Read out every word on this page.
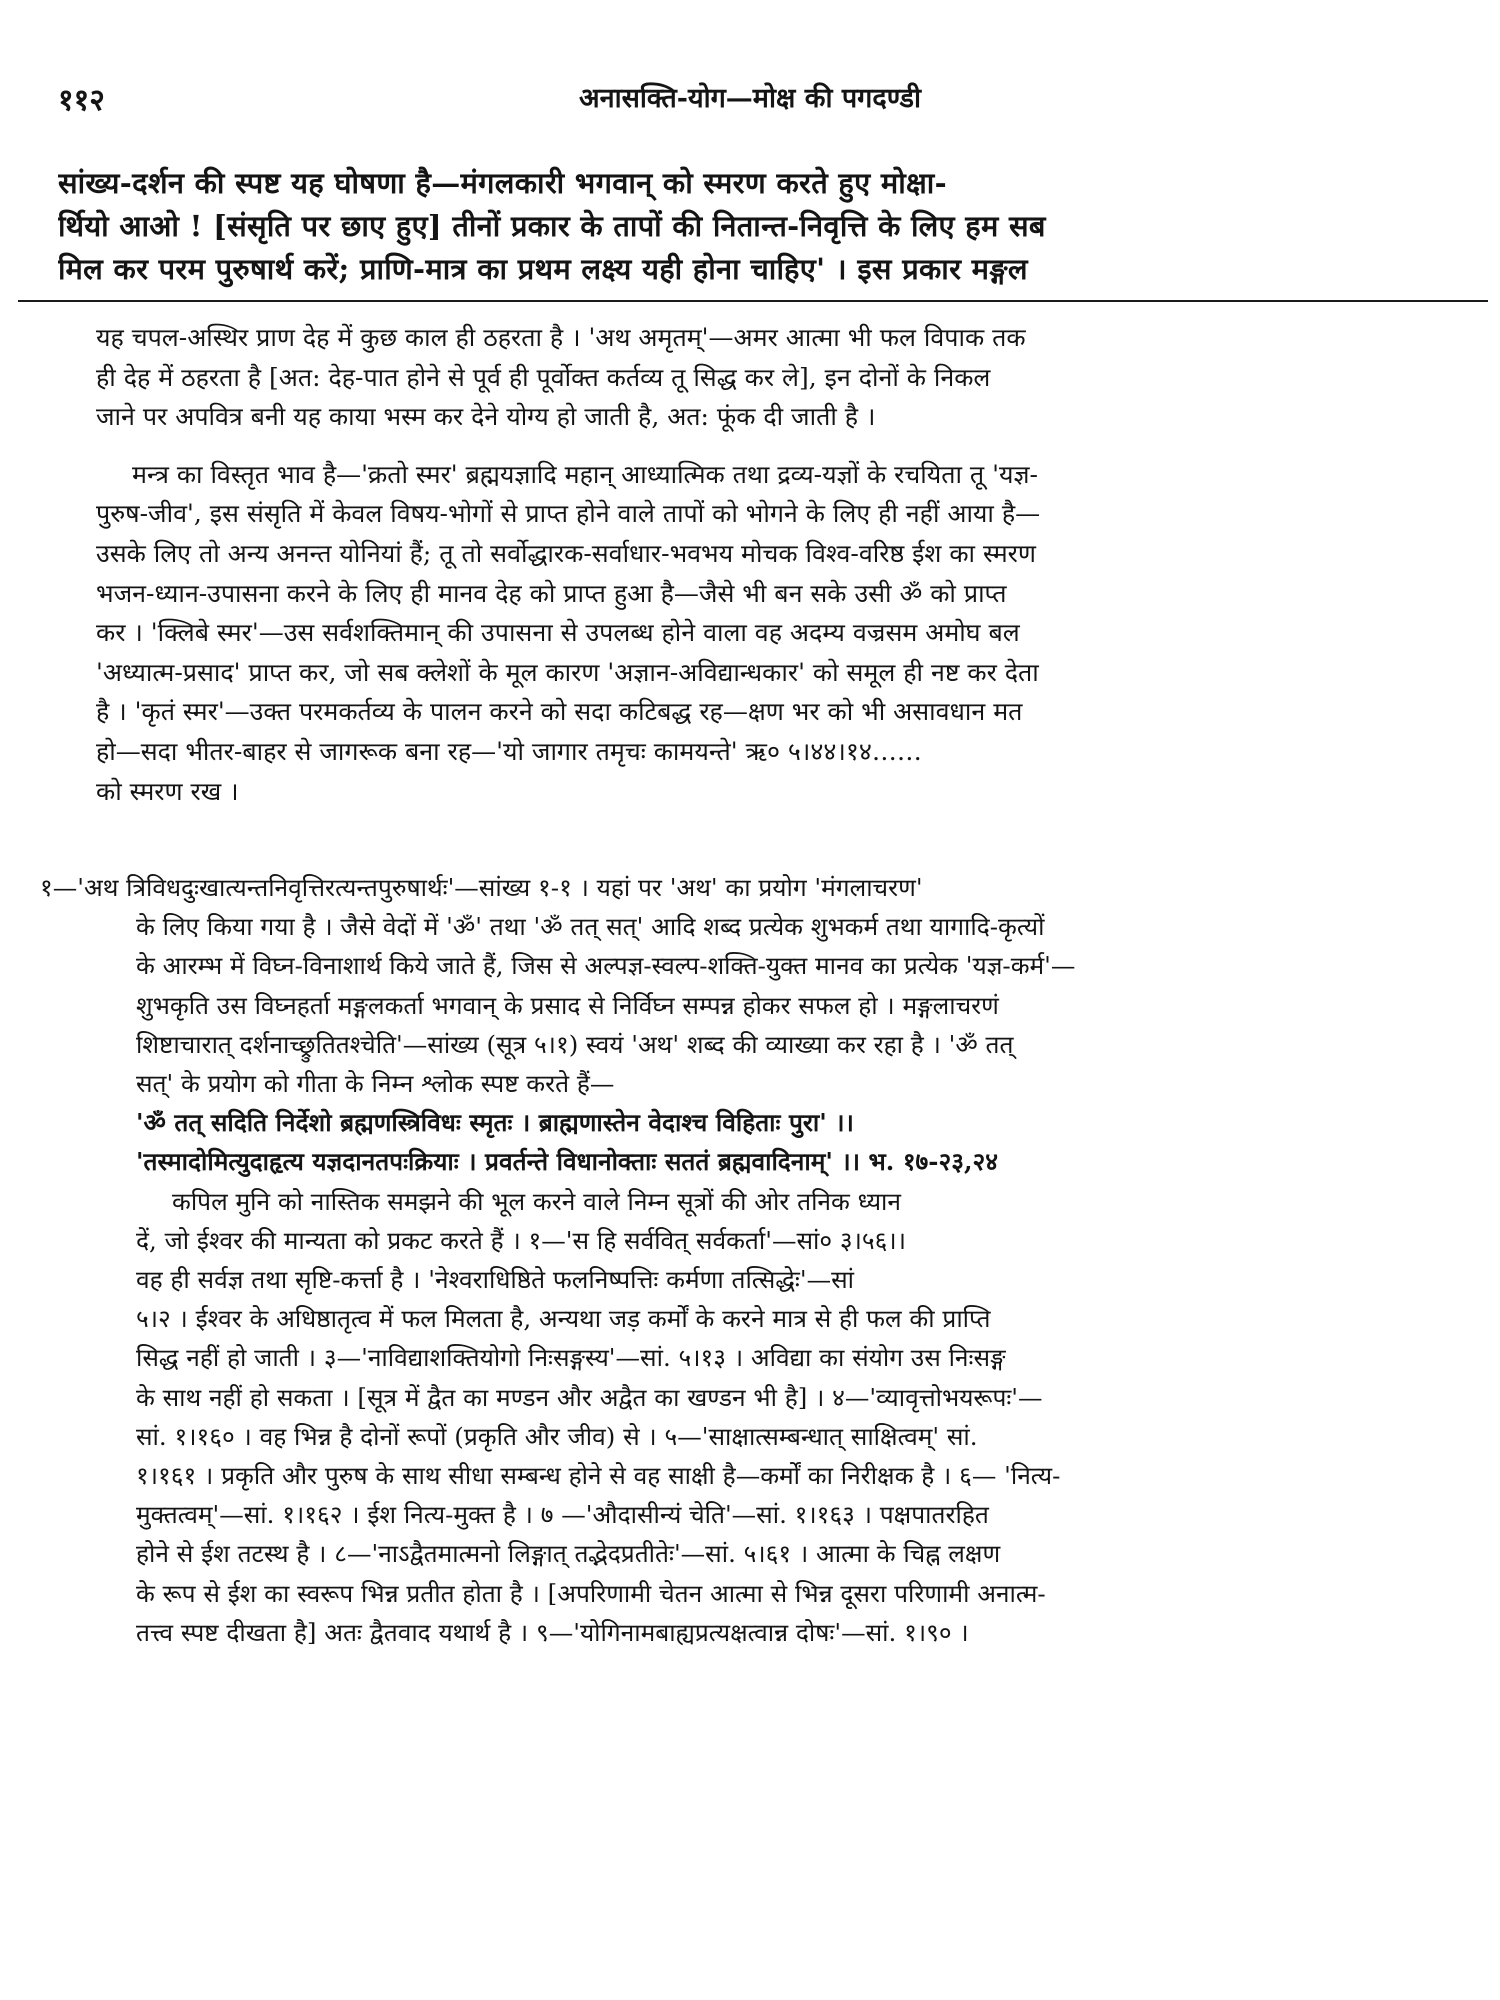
११२	अनासक्ति-योग—मोक्ष की पगदण्डी
सांख्य-दर्शन की स्पष्ट यह घोषणा है—मंगलकारी भगवान् को स्मरण करते हुए मोक्षा-
र्थियो आओ ! [संसृति पर छाए हुए] तीनों प्रकार के तापों की नितान्त-निवृत्ति के लिए हम सब
मिल कर परम पुरुषार्थ करें; प्राणि-मात्र का प्रथम लक्ष्य यही होना चाहिए' । इस प्रकार मङ्गल

यह चपल-अस्थिर प्राण देह में कुछ काल ही ठहरता है । 'अथ अमृतम्'—अमर आत्मा भी फल विपाक तक
ही देह में ठहरता है [अत: देह-पात होने से पूर्व ही पूर्वोक्त कर्तव्य तू सिद्ध कर ले], इन दोनों के निकल
जाने पर अपवित्र बनी यह काया भस्म कर देने योग्य हो जाती है, अत: फूंक दी जाती है ।

मन्त्र का विस्तृत भाव है—'क्रतो स्मर' ब्रह्मयज्ञादि महान् आध्यात्मिक तथा द्रव्य-यज्ञों के रचयिता तू 'यज्ञ-
पुरुष-जीव', इस संसृति में केवल विषय-भोगों से प्राप्त होने वाले तापों को भोगने के लिए ही नहीं आया है—
उसके लिए तो अन्य अनन्त योनियां हैं; तू तो सर्वोद्धारक-सर्वाधार-भवभय मोचक विश्व-वरिष्ठ ईश का स्मरण
भजन-ध्यान-उपासना करने के लिए ही मानव देह को प्राप्त हुआ है—जैसे भी बन सके उसी ॐ को प्राप्त
कर । 'क्लिबे स्मर'—उस सर्वशक्तिमान् की उपासना से उपलब्ध होने वाला वह अदम्य वज्रसम अमोघ बल
'अध्यात्म-प्रसाद' प्राप्त कर, जो सब क्लेशों के मूल कारण 'अज्ञान-अविद्यान्धकार' को समूल ही नष्ट कर देता
है । 'कृतं स्मर'—उक्त परमकर्तव्य के पालन करने को सदा कटिबद्ध रह—क्षण भर को भी असावधान मत
हो—सदा भीतर-बाहर से जागरूक बना रह—'यो जागार तमृचः कामयन्ते' ऋ० ५।४४।१४……
को स्मरण रख ।

१—'अथ त्रिविधदुःखात्यन्तनिवृत्तिरत्यन्तपुरुषार्थः'—सांख्य १-१ । यहां पर 'अथ' का प्रयोग 'मंगलाचरण'
के लिए किया गया है । जैसे वेदों में 'ॐ' तथा 'ॐ तत् सत्' आदि शब्द प्रत्येक शुभकर्म तथा यागादि-कृत्यों
के आरम्भ में विघ्न-विनाशार्थ किये जाते हैं, जिस से अल्पज्ञ-स्वल्प-शक्ति-युक्त मानव का प्रत्येक 'यज्ञ-कर्म'—
शुभकृति उस विघ्नहर्ता मङ्गलकर्ता भगवान् के प्रसाद से निर्विघ्न सम्पन्न होकर सफल हो । मङ्गलाचरणं
शिष्टाचारात् दर्शनाच्छ्रुतितश्चेति'—सांख्य (सूत्र ५।१) स्वयं 'अथ' शब्द की व्याख्या कर रहा है । 'ॐ तत्
सत्' के प्रयोग को गीता के निम्न श्लोक स्पष्ट करते हैं—
'ॐ तत् सदिति निर्देशो ब्रह्मणस्त्रिविधः स्मृतः । ब्राह्मणास्तेन वेदाश्च विहिताः पुरा' ।।
'तस्मादोमित्युदाहृत्य यज्ञदानतपःक्रियाः । प्रवर्तन्ते विधानोक्ताः सततं ब्रह्मवादिनाम्' ।। भ. १७-२३,२४
कपिल मुनि को नास्तिक समझने की भूल करने वाले निम्न सूत्रों की ओर तनिक ध्यान
दें, जो ईश्वर की मान्यता को प्रकट करते हैं । १—'स हि सर्ववित् सर्वकर्ता'—सां० ३।५६।।
वह ही सर्वज्ञ तथा सृष्टि-कर्त्ता है । 'नेश्वराधिष्ठिते फलनिष्पत्तिः कर्मणा तत्सिद्धेः'—सां
५।२ । ईश्वर के अधिष्ठातृत्व में फल मिलता है, अन्यथा जड़ कर्मों के करने मात्र से ही फल की प्राप्ति
सिद्ध नहीं हो जाती । ३—'नाविद्याशक्तियोगो निःसङ्गस्य'—सां. ५।१३ । अविद्या का संयोग उस निःसङ्ग
के साथ नहीं हो सकता । [सूत्र में द्वैत का मण्डन और अद्वैत का खण्डन भी है] । ४—'व्यावृत्तोभयरूपः'—
सां. १।१६० । वह भिन्न है दोनों रूपों (प्रकृति और जीव) से । ५—'साक्षात्सम्बन्धात् साक्षित्वम्' सां.
१।१६१ । प्रकृति और पुरुष के साथ सीधा सम्बन्ध होने से वह साक्षी है—कर्मों का निरीक्षक है । ६— 'नित्य-
मुक्तत्वम्'—सां. १।१६२ । ईश नित्य-मुक्त है । ७ —'औदासीन्यं चेति'—सां. १।१६३ । पक्षपातरहित
होने से ईश तटस्थ है । ८—'नाऽद्वैतमात्मनो लिङ्गात् तद्भेदप्रतीतेः'—सां. ५।६१ । आत्मा के चिह्न लक्षण
के रूप से ईश का स्वरूप भिन्न प्रतीत होता है । [अपरिणामी चेतन आत्मा से भिन्न दूसरा परिणामी अनात्म-
तत्त्व स्पष्ट दीखता है] अतः द्वैतवाद यथार्थ है । ९—'योगिनामबाह्यप्रत्यक्षत्वान्न दोषः'—सां. १।९० ।
